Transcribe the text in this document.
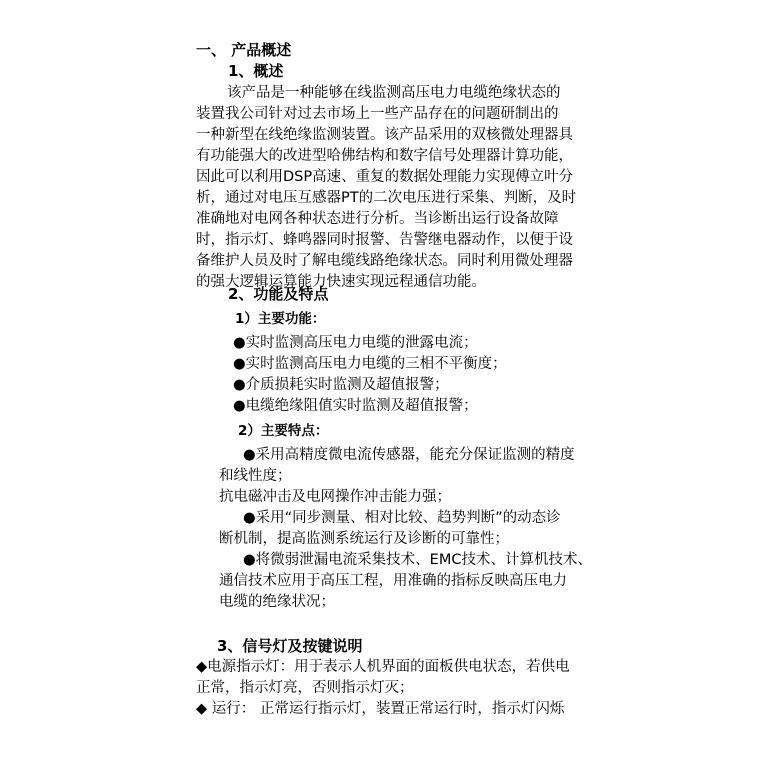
一、 产品概述
1、概述
该产品是一种能够在线监测高压电力电缆绝缘状态的
装置我公司针对过去市场上一些产品存在的问题研制出的
一种新型在线绝缘监测装置。该产品采用的双核微处理器具
有功能强大的改进型哈佛结构和数字信号处理器计算功能，
因此可以利用DSP高速、重复的数据处理能力实现傅立叶分
析，通过对电压互感器PT的二次电压进行采集、判断，及时
准确地对电网各种状态进行分析。当诊断出运行设备故障
时，指示灯、蜂鸣器同时报警、告警继电器动作，以便于设
备维护人员及时了解电缆线路绝缘状态。同时利用微处理器
的强大逻辑运算能力快速实现远程通信功能。
2、功能及特点
1）主要功能：
●实时监测高压电力电缆的泄露电流；
●实时监测高压电力电缆的三相不平衡度；
●介质损耗实时监测及超值报警；
●电缆绝缘阻值实时监测及超值报警；
2）主要特点：
●采用高精度微电流传感器，能充分保证监测的精度
和线性度；
抗电磁冲击及电网操作冲击能力强；
●采用“同步测量、相对比较、趋势判断”的动态诊
断机制，提高监测系统运行及诊断的可靠性；
●将微弱泄漏电流采集技术、EMC技术、计算机技术、
通信技术应用于高压工程，用准确的指标反映高压电力
电缆的绝缘状况；
3、信号灯及按键说明
◆电源指示灯：用于表示人机界面的面板供电状态，若供电
正常，指示灯亮，否则指示灯灭；
◆ 运行： 正常运行指示灯，装置正常运行时，指示灯闪烁
